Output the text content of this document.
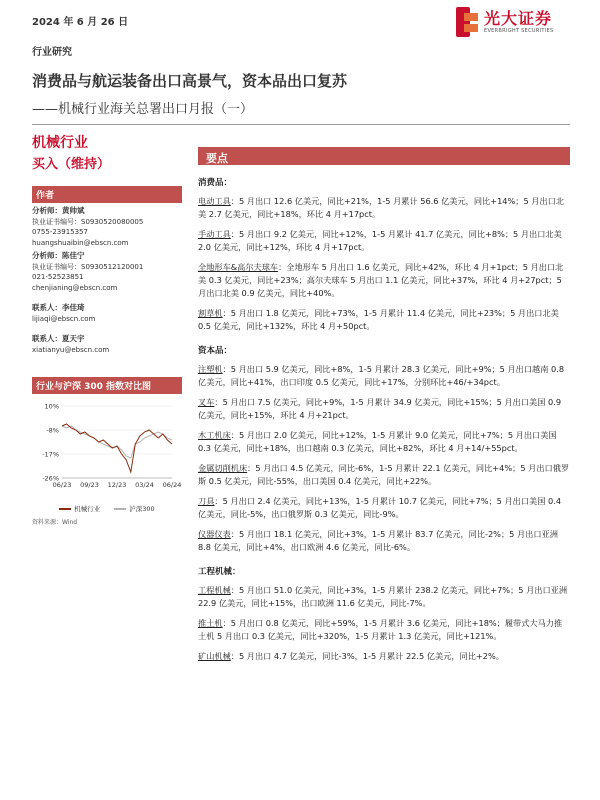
2024 年 6 月 26 日	光大证券
EVERBRIGHT SECURITIES
行业研究
消费品与航运装备出口高景气，资本品出口复苏
——机械行业海关总署出口月报（一）
机械行业
买入（维持）
作者
分析师：黄帅斌
执业证书编号：S0930520080005
0755-23915357
huangshuaibin@ebscn.com
分析师：陈佳宁
执业证书编号：S0930512120001
021-52523851
chenjianing@ebscn.com
联系人：李佳琦
lijiaqi@ebscn.com
联系人：夏天宇
xiatianyu@ebscn.com
行业与沪深 300 指数对比图
10%
-8%
-17%
-26%
06/23 09/23 12/23 03/24 06/24
机械行业	沪深300
资料来源：Wind
要点
消费品：
电动工具：5 月出口 12.6 亿美元，同比+21%，1-5 月累计 56.6 亿美元，同比+14%；5 月出口北美 2.7 亿美元，同比+18%，环比 4 月+17pct。
手动工具：5 月出口 9.2 亿美元，同比+12%，1-5 月累计 41.7 亿美元，同比+8%；5 月出口北美 2.0 亿美元，同比+12%，环比 4 月+17pct。
全地形车&高尔夫球车：全地形车 5 月出口 1.6 亿美元，同比+42%，环比 4 月+1pct；5 月出口北美 0.3 亿美元，同比+23%；高尔夫球车 5 月出口 1.1 亿美元，同比+37%，环比 4 月+27pct；5 月出口北美 0.9 亿美元，同比+40%。
割草机：5 月出口 1.8 亿美元，同比+73%，1-5 月累计 11.4 亿美元，同比+23%；5 月出口北美 0.5 亿美元，同比+132%，环比 4 月+50pct。
资本品：
注塑机：5 月出口 5.9 亿美元，同比+8%，1-5 月累计 28.3 亿美元，同比+9%；5 月出口越南 0.8 亿美元，同比+41%，出口印度 0.5 亿美元，同比+17%，分别环比+46/+34pct。
叉车：5 月出口 7.5 亿美元，同比+9%，1-5 月累计 34.9 亿美元，同比+15%；5 月出口美国 0.9 亿美元，同比+15%，环比 4 月+21pct。
木工机床：5 月出口 2.0 亿美元，同比+12%，1-5 月累计 9.0 亿美元，同比+7%；5 月出口美国 0.3 亿美元，同比+18%，出口越南 0.3 亿美元，同比+82%，环比 4 月+14/+55pct。
金属切削机床：5 月出口 4.5 亿美元，同比-6%，1-5 月累计 22.1 亿美元，同比+4%；5 月出口俄罗斯 0.5 亿美元，同比-55%，出口美国 0.4 亿美元，同比+22%。
刀具：5 月出口 2.4 亿美元，同比+13%，1-5 月累计 10.7 亿美元，同比+7%；5 月出口美国 0.4 亿美元，同比-5%，出口俄罗斯 0.3 亿美元，同比-9%。
仪器仪表：5 月出口 18.1 亿美元，同比+3%，1-5 月累计 83.7 亿美元，同比-2%；5 月出口亚洲 8.8 亿美元，同比+4%，出口欧洲 4.6 亿美元，同比-6%。
工程机械：
工程机械：5 月出口 51.0 亿美元，同比+3%，1-5 月累计 238.2 亿美元，同比+7%；5 月出口亚洲 22.9 亿美元，同比+15%，出口欧洲 11.6 亿美元，同比-7%。
推土机：5 月出口 0.8 亿美元，同比+59%，1-5 月累计 3.6 亿美元，同比+18%；履带式大马力推土机 5 月出口 0.3 亿美元，同比+320%，1-5 月累计 1.3 亿美元，同比+121%。
矿山机械：5 月出口 4.7 亿美元，同比-3%，1-5 月累计 22.5 亿美元，同比+2%。
